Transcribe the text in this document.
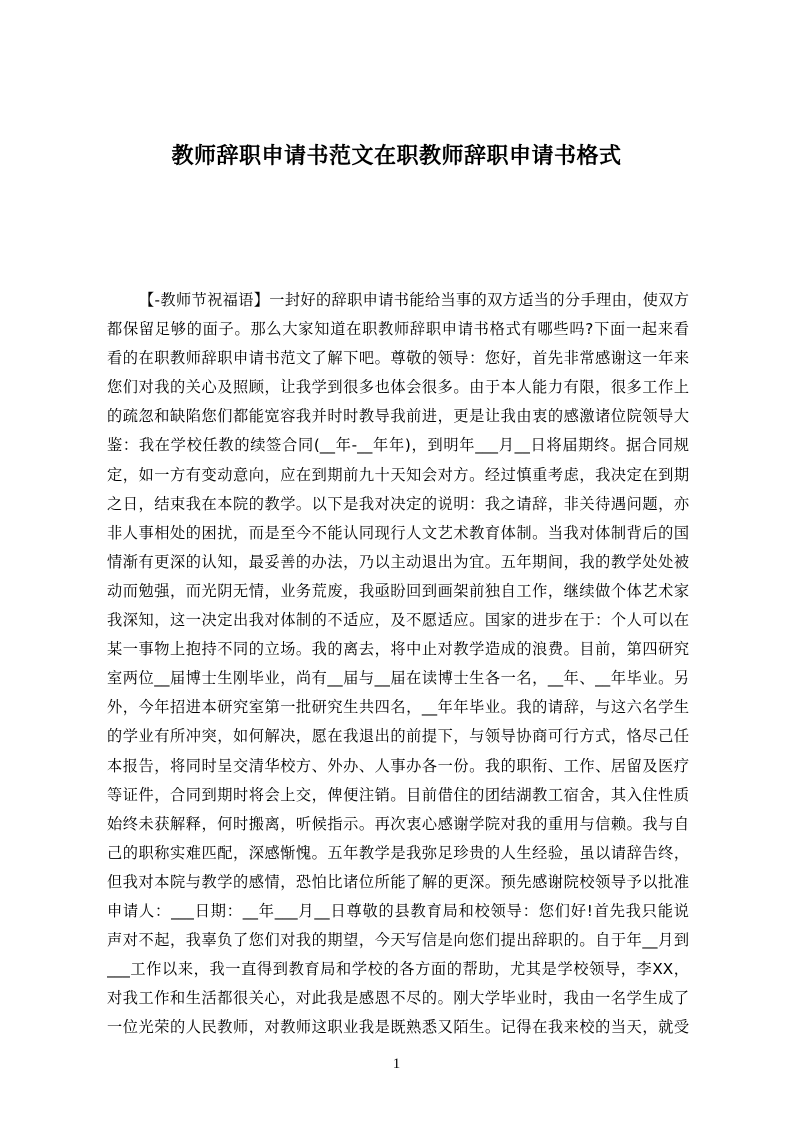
教师辞职申请书范文在职教师辞职申请书格式
【-教师节祝福语】一封好的辞职申请书能给当事的双方适当的分手理由，使双方
都保留足够的面子。那么大家知道在职教师辞职申请书格式有哪些吗?下面一起来看
看的在职教师辞职申请书范文了解下吧。尊敬的领导：您好，首先非常感谢这一年来
您们对我的关心及照顾，让我学到很多也体会很多。由于本人能力有限，很多工作上
的疏忽和缺陷您们都能宽容我并时时教导我前进，更是让我由衷的感激诸位院领导大
鉴：我在学校任教的续签合同(__年-__年年)，到明年___月__日将届期终。据合同规
定，如一方有变动意向，应在到期前九十天知会对方。经过慎重考虑，我决定在到期
之日，结束我在本院的教学。以下是我对决定的说明：我之请辞，非关待遇问题，亦
非人事相处的困扰，而是至今不能认同现行人文艺术教育体制。当我对体制背后的国
情渐有更深的认知，最妥善的办法，乃以主动退出为宜。五年期间，我的教学处处被
动而勉强，而光阴无情，业务荒废，我亟盼回到画架前独自工作，继续做个体艺术家
我深知，这一决定出我对体制的不适应，及不愿适应。国家的进步在于：个人可以在
某一事物上抱持不同的立场。我的离去，将中止对教学造成的浪费。目前，第四研究
室两位__届博士生刚毕业，尚有__届与__届在读博士生各一名，__年、__年毕业。另
外，今年招进本研究室第一批研究生共四名，__年年毕业。我的请辞，与这六名学生
的学业有所冲突，如何解决，愿在我退出的前提下，与领导协商可行方式，恪尽己任
本报告，将同时呈交清华校方、外办、人事办各一份。我的职衔、工作、居留及医疗
等证件，合同到期时将会上交，俾便注销。目前借住的团结湖教工宿舍，其入住性质
始终未获解释，何时搬离，听候指示。再次衷心感谢学院对我的重用与信赖。我与自
己的职称实难匹配，深感惭愧。五年教学是我弥足珍贵的人生经验，虽以请辞告终，
但我对本院与教学的感情，恐怕比诸位所能了解的更深。预先感谢院校领导予以批准
申请人：___日期：__年___月__日尊敬的县教育局和校领导：您们好!首先我只能说
声对不起，我辜负了您们对我的期望，今天写信是向您们提出辞职的。自于年__月到
___工作以来，我一直得到教育局和学校的各方面的帮助，尤其是学校领导，李XX，
对我工作和生活都很关心，对此我是感恩不尽的。刚大学毕业时，我由一名学生成了
一位光荣的人民教师，对教师这职业我是既熟悉又陌生。记得在我来校的当天，就受
1
